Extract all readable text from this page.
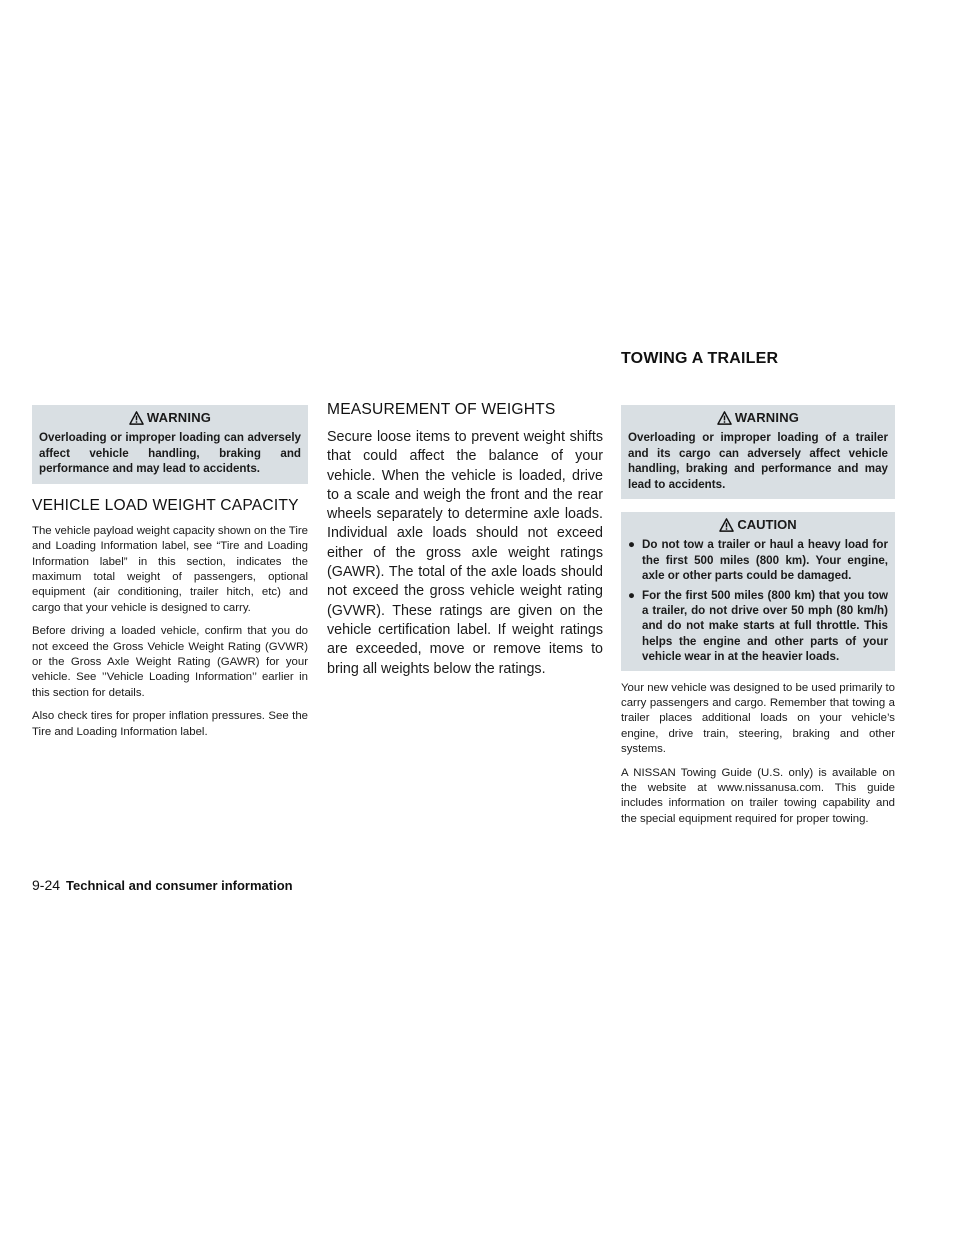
TOWING A TRAILER
WARNING
Overloading or improper loading can adversely affect vehicle handling, braking and performance and may lead to accidents.
VEHICLE LOAD WEIGHT CAPACITY

The vehicle payload weight capacity shown on the Tire and Loading Information label, see “Tire and Loading Information label” in this section, indicates the maximum total weight of passengers, optional equipment (air conditioning, trailer hitch, etc) and cargo that your vehicle is designed to carry.

Before driving a loaded vehicle, confirm that you do not exceed the Gross Vehicle Weight Rating (GVWR) or the Gross Axle Weight Rating (GAWR) for your vehicle. See ’’Vehicle Loading Information’’ earlier in this section for details.

Also check tires for proper inflation pressures. See the Tire and Loading Information label.

MEASUREMENT OF WEIGHTS

Secure loose items to prevent weight shifts that could affect the balance of your vehicle. When the vehicle is loaded, drive to a scale and weigh the front and the rear wheels separately to determine axle loads. Individual axle loads should not exceed either of the gross axle weight ratings (GAWR). The total of the axle loads should not exceed the gross vehicle weight rating (GVWR). These ratings are given on the vehicle certification label. If weight ratings are exceeded, move or remove items to bring all weights below the ratings.

WARNING
Overloading or improper loading of a trailer and its cargo can adversely affect vehicle handling, braking and performance and may lead to accidents.
CAUTION
● Do not tow a trailer or haul a heavy load for the first 500 miles (800 km). Your engine, axle or other parts could be damaged.
● For the first 500 miles (800 km) that you tow a trailer, do not drive over 50 mph (80 km/h) and do not make starts at full throttle. This helps the engine and other parts of your vehicle wear in at the heavier loads.

Your new vehicle was designed to be used primarily to carry passengers and cargo. Remember that towing a trailer places additional loads on your vehicle’s engine, drive train, steering, braking and other systems.

A NISSAN Towing Guide (U.S. only) is available on the website at www.nissanusa.com. This guide includes information on trailer towing capability and the special equipment required for proper towing.

9-24 Technical and consumer information
